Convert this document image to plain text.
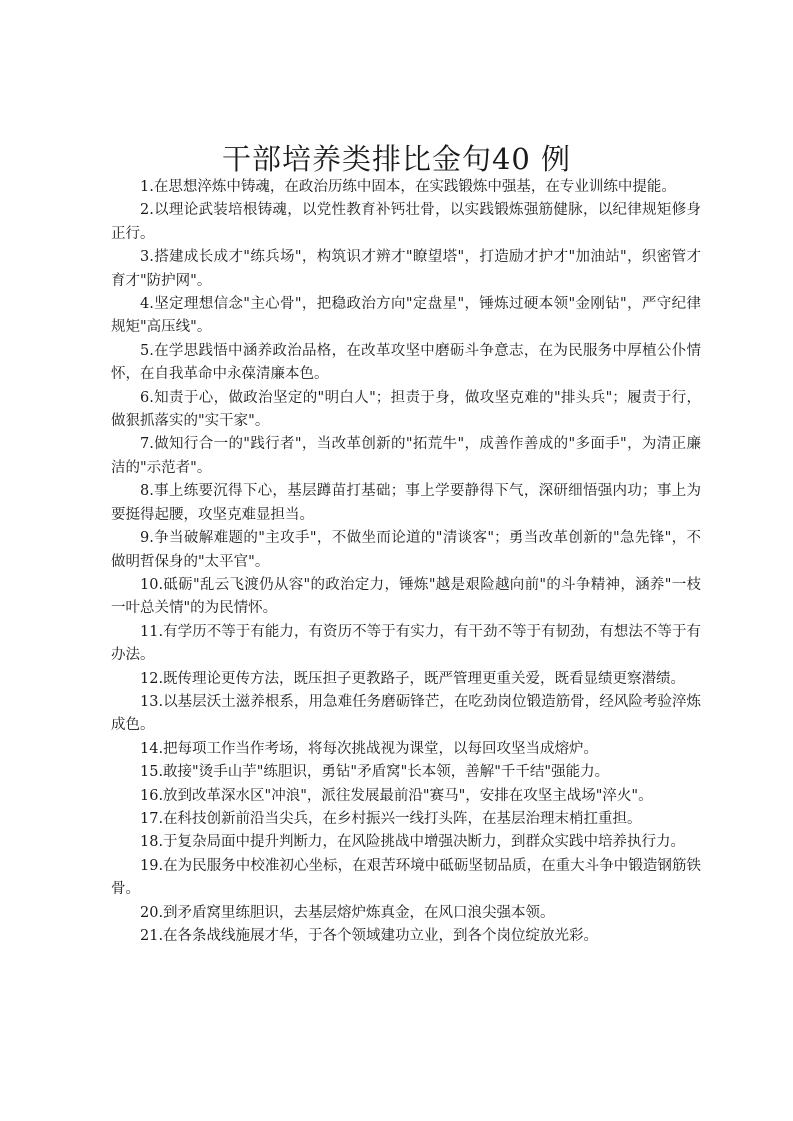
干部培养类排比金句40 例

1.在思想淬炼中铸魂，在政治历练中固本，在实践锻炼中强基，在专业训练中提能。

2.以理论武装培根铸魂，以党性教育补钙壮骨，以实践锻炼强筋健脉，以纪律规矩修身正行。

3.搭建成长成才"练兵场"，构筑识才辨才"瞭望塔"，打造励才护才"加油站"，织密管才育才"防护网"。

4.坚定理想信念"主心骨"，把稳政治方向"定盘星"，锤炼过硬本领"金刚钻"，严守纪律规矩"高压线"。

5.在学思践悟中涵养政治品格，在改革攻坚中磨砺斗争意志，在为民服务中厚植公仆情怀，在自我革命中永葆清廉本色。

6.知责于心，做政治坚定的"明白人"；担责于身，做攻坚克难的"排头兵"；履责于行，做狠抓落实的"实干家"。

7.做知行合一的"践行者"，当改革创新的"拓荒牛"，成善作善成的"多面手"，为清正廉洁的"示范者"。

8.事上练要沉得下心，基层蹲苗打基础；事上学要静得下气，深研细悟强内功；事上为要挺得起腰，攻坚克难显担当。

9.争当破解难题的"主攻手"，不做坐而论道的"清谈客"；勇当改革创新的"急先锋"，不做明哲保身的"太平官"。

10.砥砺"乱云飞渡仍从容"的政治定力，锤炼"越是艰险越向前"的斗争精神，涵养"一枝一叶总关情"的为民情怀。

11.有学历不等于有能力，有资历不等于有实力，有干劲不等于有韧劲，有想法不等于有办法。

12.既传理论更传方法，既压担子更教路子，既严管理更重关爱，既看显绩更察潜绩。

13.以基层沃土滋养根系，用急难任务磨砺锋芒，在吃劲岗位锻造筋骨，经风险考验淬炼成色。

14.把每项工作当作考场，将每次挑战视为课堂，以每回攻坚当成熔炉。

15.敢接"烫手山芋"练胆识，勇钻"矛盾窝"长本领，善解"千千结"强能力。

16.放到改革深水区"冲浪"，派往发展最前沿"赛马"，安排在攻坚主战场"淬火"。

17.在科技创新前沿当尖兵，在乡村振兴一线打头阵，在基层治理末梢扛重担。

18.于复杂局面中提升判断力，在风险挑战中增强决断力，到群众实践中培养执行力。

19.在为民服务中校准初心坐标，在艰苦环境中砥砺坚韧品质，在重大斗争中锻造钢筋铁骨。

20.到矛盾窝里练胆识，去基层熔炉炼真金，在风口浪尖强本领。

21.在各条战线施展才华，于各个领域建功立业，到各个岗位绽放光彩。
